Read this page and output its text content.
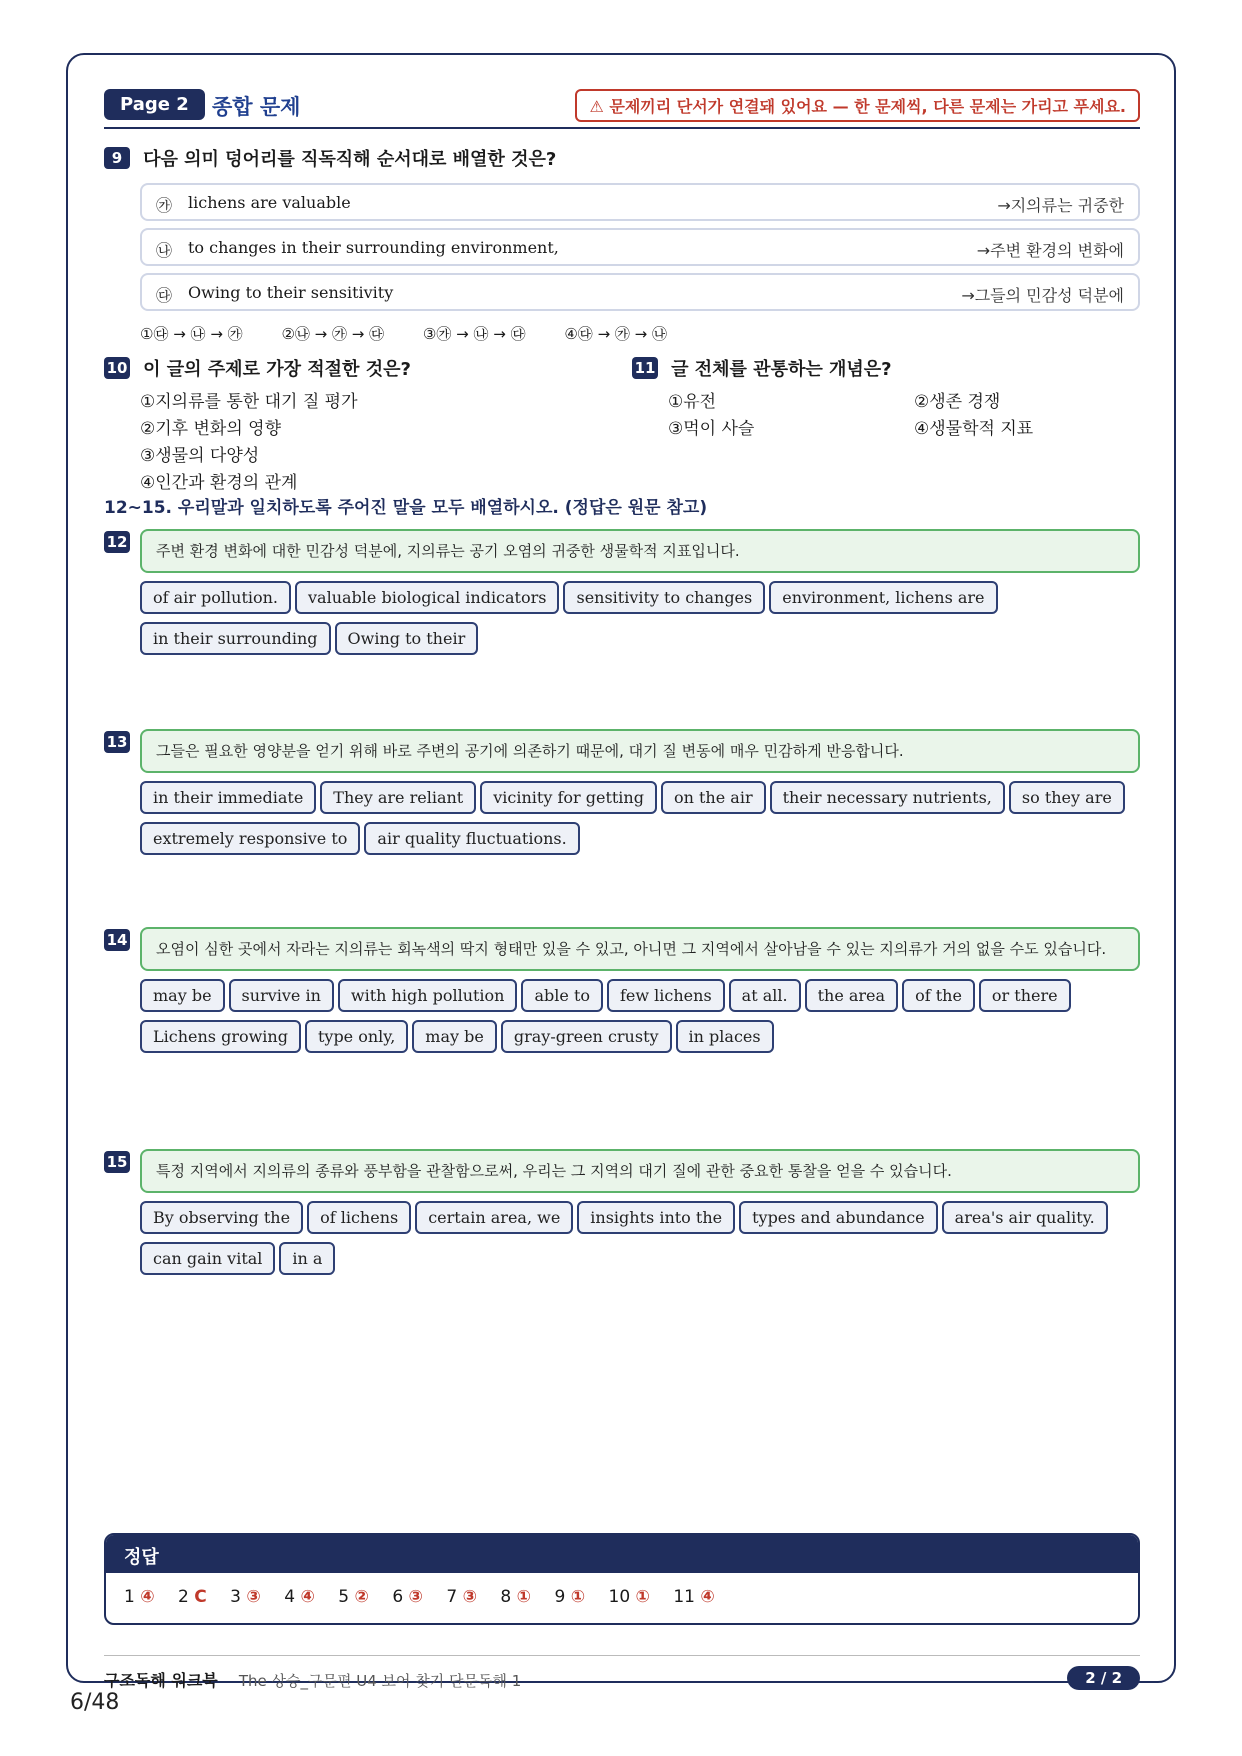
Page 2	종합 문제	⚠ 문제끼리 단서가 연결돼 있어요 — 한 문제씩, 다른 문제는 가리고 푸세요.
9 다음 의미 덩어리를 직독직해 순서대로 배열한 것은?
㉮ lichens are valuable	→지의류는 귀중한
㉯ to changes in their surrounding environment,	→주변 환경의 변화에
㉰ Owing to their sensitivity	→그들의 민감성 덕분에
①㉰ → ㉯ → ㉮	②㉯ → ㉮ → ㉰	③㉮ → ㉯ → ㉰	④㉰ → ㉮ → ㉯
10 이 글의 주제로 가장 적절한 것은?
①지의류를 통한 대기 질 평가
②기후 변화의 영향
③생물의 다양성
④인간과 환경의 관계
11 글 전체를 관통하는 개념은?
①유전	②생존 경쟁
③먹이 사슬	④생물학적 지표
12~15. 우리말과 일치하도록 주어진 말을 모두 배열하시오. (정답은 원문 참고)
12	주변 환경 변화에 대한 민감성 덕분에, 지의류는 공기 오염의 귀중한 생물학적 지표입니다.
of air pollution. valuable biological indicators sensitivity to changes environment, lichens arein their surrounding Owing to their
13	그들은 필요한 영양분을 얻기 위해 바로 주변의 공기에 의존하기 때문에, 대기 질 변동에 매우 민감하게 반응합니다.
in their immediate They are reliant vicinity for getting on the air their necessary nutrients, so they areextremely responsive to air quality fluctuations.
14	오염이 심한 곳에서 자라는 지의류는 회녹색의 딱지 형태만 있을 수 있고, 아니면 그 지역에서 살아남을 수 있는 지의류가 거의 없을 수도 있습니다.
may be survive in with high pollution able to few lichens at all. the area of the or thereLichens growing type only, may be gray-green crusty in places
15	특정 지역에서 지의류의 종류와 풍부함을 관찰함으로써, 우리는 그 지역의 대기 질에 관한 중요한 통찰을 얻을 수 있습니다.
By observing the of lichens certain area, we insights into the types and abundance area's air quality.can gain vital in a
정답
1 ④ 2 C 3 ③ 4 ④ 5 ② 6 ③ 7 ③ 8 ① 9 ① 10 ① 11 ④
구조독해 워크북 The 상승_구문편 U4 보어 찾기 단문독해 1	2 / 2
6/48
